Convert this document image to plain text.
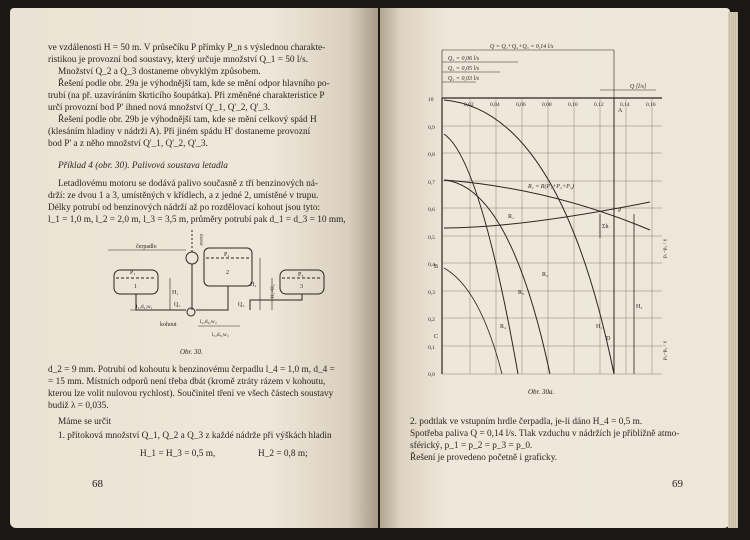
ve vzdálenosti H = 50 m. V průsečíku P přímky P_n s výslednou charakte-
ristikou je provozní bod soustavy, který určuje množství Q_1 = 50 l/s.
Množství Q_2 a Q_3 dostaneme obvyklým způsobem.
Řešení podle obr. 29a je výhodnější tam, kde se mění odpor hlavního po-
trubí (na př. uzavíráním škrticího šoupátka). Při změněné charakteristice P
určí provozní bod P' ihned nová množství Q'_1, Q'_2, Q'_3.
Řešení podle obr. 29b je výhodnější tam, kde se mění celkový spád H
(klesáním hladiny v nádrži A). Při jiném spádu H' dostaneme provozní
bod P' a z něho množství Q'_1, Q'_2, Q'_3.
Příklad 4 (obr. 30). Palivová soustava letadla
Letadlovému motoru se dodává palivo současně z tří benzinových ná-
drží: ze dvou 1 a 3, umístěných v křídlech, a z jedné 2, umístěné v trupu.
Délky potrubí od benzinových nádrží až po rozdělovací kohout jsou tyto:
l_1 = 1,0 m, l_2 = 2,0 m, l_3 = 3,5 m, průměry potrubí pak d_1 = d_3 = 10 mm,
čerpadlo
motor
kohout
l₁,d₁,w₁
l₂,d₂,w₂
l₃,d₃,w₃
P₁
P₂
P₃
1
2
3
Q₁	Q₃
H₁
H₂	H₁=H₃
Obr. 30.
d_2 = 9 mm. Potrubí od kohoutu k benzinovému čerpadlu l_4 = 1,0 m, d_4 =
= 15 mm. Místních odporů není třeba dbát (kromě ztráty rázem v kohoutu,
kterou lze volit nulovou rychlost). Součinitel tření ve všech částech soustavy
budiž λ = 0,035.
Máme se určit
1. přítoková množství Q_1, Q_2 a Q_3 z každé nádrže při výškách hladin
H_1 = H_3 = 0,5 m,	H_2 = 0,8 m;
68
Q = Q₁+Q₂+Q₃ = 0,14 l/s
Q₁ = 0,06 l/s
Q₁ = 0,05 l/s
Q₃ = 0,03 l/s
Q [l/s]
0,02	0,04	0,06	0,08	0,10	0,12	0,14	0,16
10
0,9
0,8
0,7
0,6
0,5
0,4
0,3
0,2
0,1
0,0
R₁ = R(P₁+P₂+P₃)
P
A
B
C	D
R₁
R₂
R₃
R₄	H₁
H₂
Σh
p₁−p₂ / γ
p₀−p₀ / γ
Obr. 30a.
2. podtlak ve vstupním hrdle čerpadla, je-li dáno H_4 = 0,5 m.
Spotřeba paliva Q = 0,14 l/s. Tlak vzduchu v nádržích je přibližně atmo-
sférický, p_1 = p_2 = p_3 = p_0.
Řešení je provedeno početně i graficky.
69
